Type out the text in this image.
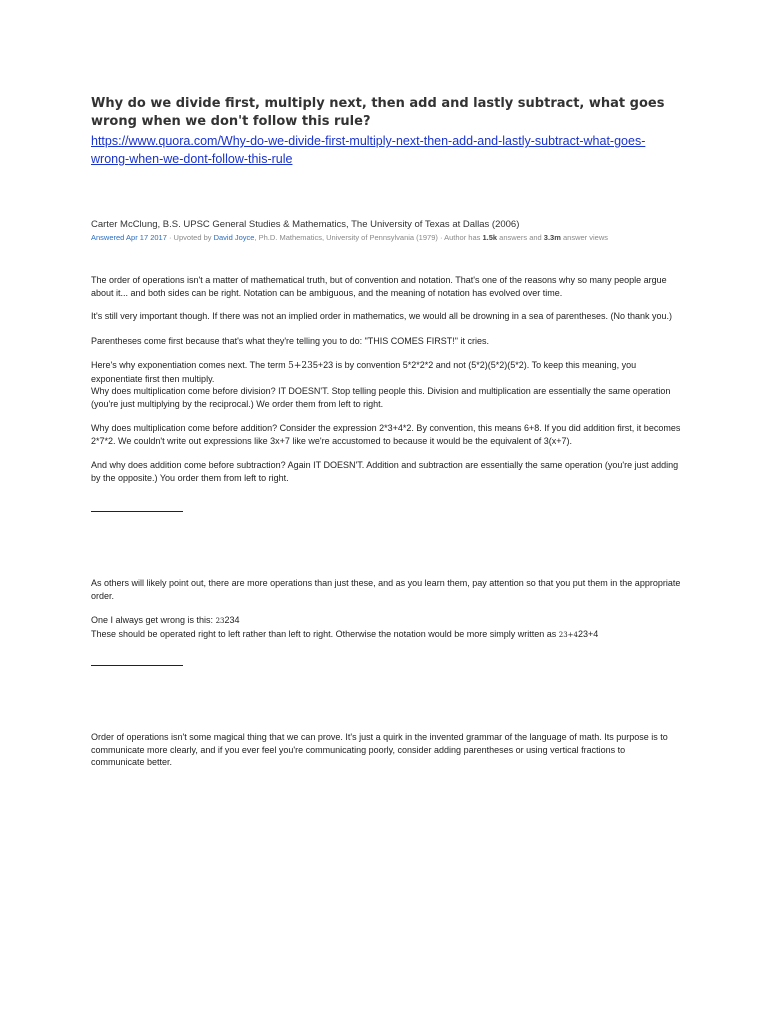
Why do we divide first, multiply next, then add and lastly subtract, what goes wrong when we don't follow this rule?
https://www.quora.com/Why-do-we-divide-first-multiply-next-then-add-and-lastly-subtract-what-goes-wrong-when-we-dont-follow-this-rule
Carter McClung, B.S. UPSC General Studies & Mathematics, The University of Texas at Dallas (2006)
Answered Apr 17 2017 · Upvoted by David Joyce, Ph.D. Mathematics, University of Pennsylvania (1979) · Author has 1.5k answers and 3.3m answer views

The order of operations isn't a matter of mathematical truth, but of convention and notation. That's one of the reasons why so many people argue about it... and both sides can be right. Notation can be ambiguous, and the meaning of notation has evolved over time.

It's still very important though. If there was not an implied order in mathematics, we would all be drowning in a sea of parentheses. (No thank you.)

Parentheses come first because that's what they're telling you to do: "THIS COMES FIRST!" it cries.

Here's why exponentiation comes next. The term 5+235+23 is by convention 5*2*2*2 and not (5*2)(5*2)(5*2). To keep this meaning, you exponentiate first then multiply.
Why does multiplication come before division? IT DOESN'T. Stop telling people this. Division and multiplication are essentially the same operation (you're just multiplying by the reciprocal.) We order them from left to right.

Why does multiplication come before addition? Consider the expression 2*3+4*2. By convention, this means 6+8. If you did addition first, it becomes 2*7*2. We couldn't write out expressions like 3x+7 like we're accustomed to because it would be the equivalent of 3(x+7).

And why does addition come before subtraction? Again IT DOESN'T. Addition and subtraction are essentially the same operation (you're just adding by the opposite.) You order them from left to right.

As others will likely point out, there are more operations than just these, and as you learn them, pay attention so that you put them in the appropriate order.

One I always get wrong is this: 23234
These should be operated right to left rather than left to right. Otherwise the notation would be more simply written as 23+423+4

Order of operations isn't some magical thing that we can prove. It's just a quirk in the invented grammar of the language of math. Its purpose is to communicate more clearly, and if you ever feel you're communicating poorly, consider adding parentheses or using vertical fractions to communicate better.
